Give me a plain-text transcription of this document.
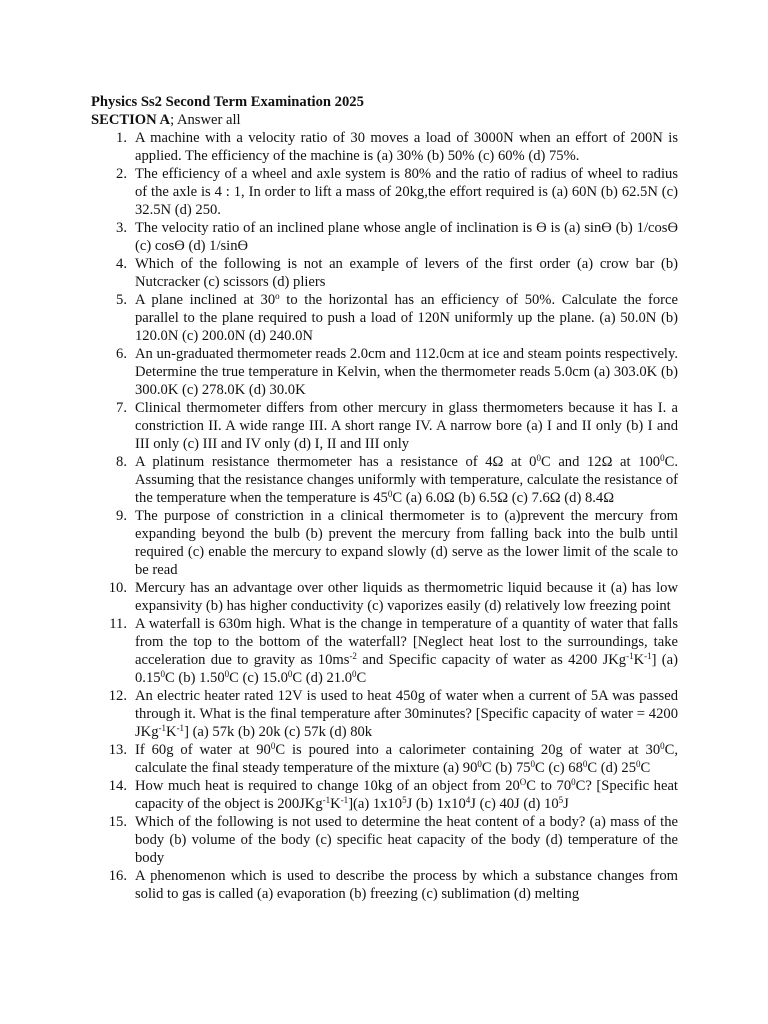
Physics Ss2 Second Term Examination 2025
SECTION A; Answer all
1. A machine with a velocity ratio of 30 moves a load of 3000N when an effort of 200N is applied. The efficiency of the machine is (a) 30% (b) 50% (c) 60% (d) 75%.
2. The efficiency of a wheel and axle system is 80% and the ratio of radius of wheel to radius of the axle is 4 : 1, In order to lift a mass of 20kg,the effort required is (a) 60N (b) 62.5N (c) 32.5N (d) 250.
3. The velocity ratio of an inclined plane whose angle of inclination is ϴ is (a) sinϴ (b) 1/cosϴ (c) cosϴ (d) 1/sinϴ
4. Which of the following is not an example of levers of the first order (a) crow bar (b) Nutcracker (c) scissors (d) pliers
5. A plane inclined at 30$^o$ to the horizontal has an efficiency of 50%. Calculate the force parallel to the plane required to push a load of 120N uniformly up the plane. (a) 50.0N (b) 120.0N (c) 200.0N (d) 240.0N
6. An un-graduated thermometer reads 2.0cm and 112.0cm at ice and steam points respectively. Determine the true temperature in Kelvin, when the thermometer reads 5.0cm (a) 303.0K (b) 300.0K (c) 278.0K (d) 30.0K
7. Clinical thermometer differs from other mercury in glass thermometers because it has I. a constriction II. A wide range III. A short range IV. A narrow bore (a) I and II only (b) I and III only (c) III and IV only (d) I, II and III only
8. A platinum resistance thermometer has a resistance of 4Ω at $0^0C$ and 12Ω at $100^0C$. Assuming that the resistance changes uniformly with temperature, calculate the resistance of the temperature when the temperature is $45^0C$ (a) 6.0Ω (b) 6.5Ω (c) 7.6Ω (d) 8.4Ω
9. The purpose of constriction in a clinical thermometer is to (a)prevent the mercury from expanding beyond the bulb (b) prevent the mercury from falling back into the bulb until required (c) enable the mercury to expand slowly (d) serve as the lower limit of the scale to be read
10. Mercury has an advantage over other liquids as thermometric liquid because it (a) has low expansivity (b) has higher conductivity (c) vaporizes easily (d) relatively low freezing point
11. A waterfall is 630m high. What is the change in temperature of a quantity of water that falls from the top to the bottom of the waterfall? [Neglect heat lost to the surroundings, take acceleration due to gravity as $10ms^{-2}$ and Specific capacity of water as 4200 $JKg^{-1}K^{-1}$] (a) 0.15$^0$C (b) 1.50$^0$C (c) 15.0$^0$C (d) 21.0$^0$C
12. An electric heater rated 12V is used to heat 450g of water when a current of 5A was passed through it. What is the final temperature after 30minutes? [Specific capacity of water = 4200 $JKg^{-1}K^{-1}$] (a) 57k (b) 20k (c) 57k (d) 80k
13. If 60g of water at $90^0C$ is poured into a calorimeter containing 20g of water at $30^0C$, calculate the final steady temperature of the mixture (a) $90^0C$ (b) $75^0C$ (c) $68^0C$ (d) $25^0C$
14. How much heat is required to change 10kg of an object from $20^OC$ to $70^0C$? [Specific heat capacity of the object is $200JKg^{-1}K^{-1}](a)$ $1x10^5J$ (b) $1x10^4J$ (c) 40J (d) $10^5J$
15. Which of the following is not used to determine the heat content of a body? (a) mass of the body (b) volume of the body (c) specific heat capacity of the body (d) temperature of the body
16. A phenomenon which is used to describe the process by which a substance changes from solid to gas is called (a) evaporation (b) freezing (c) sublimation (d) melting
